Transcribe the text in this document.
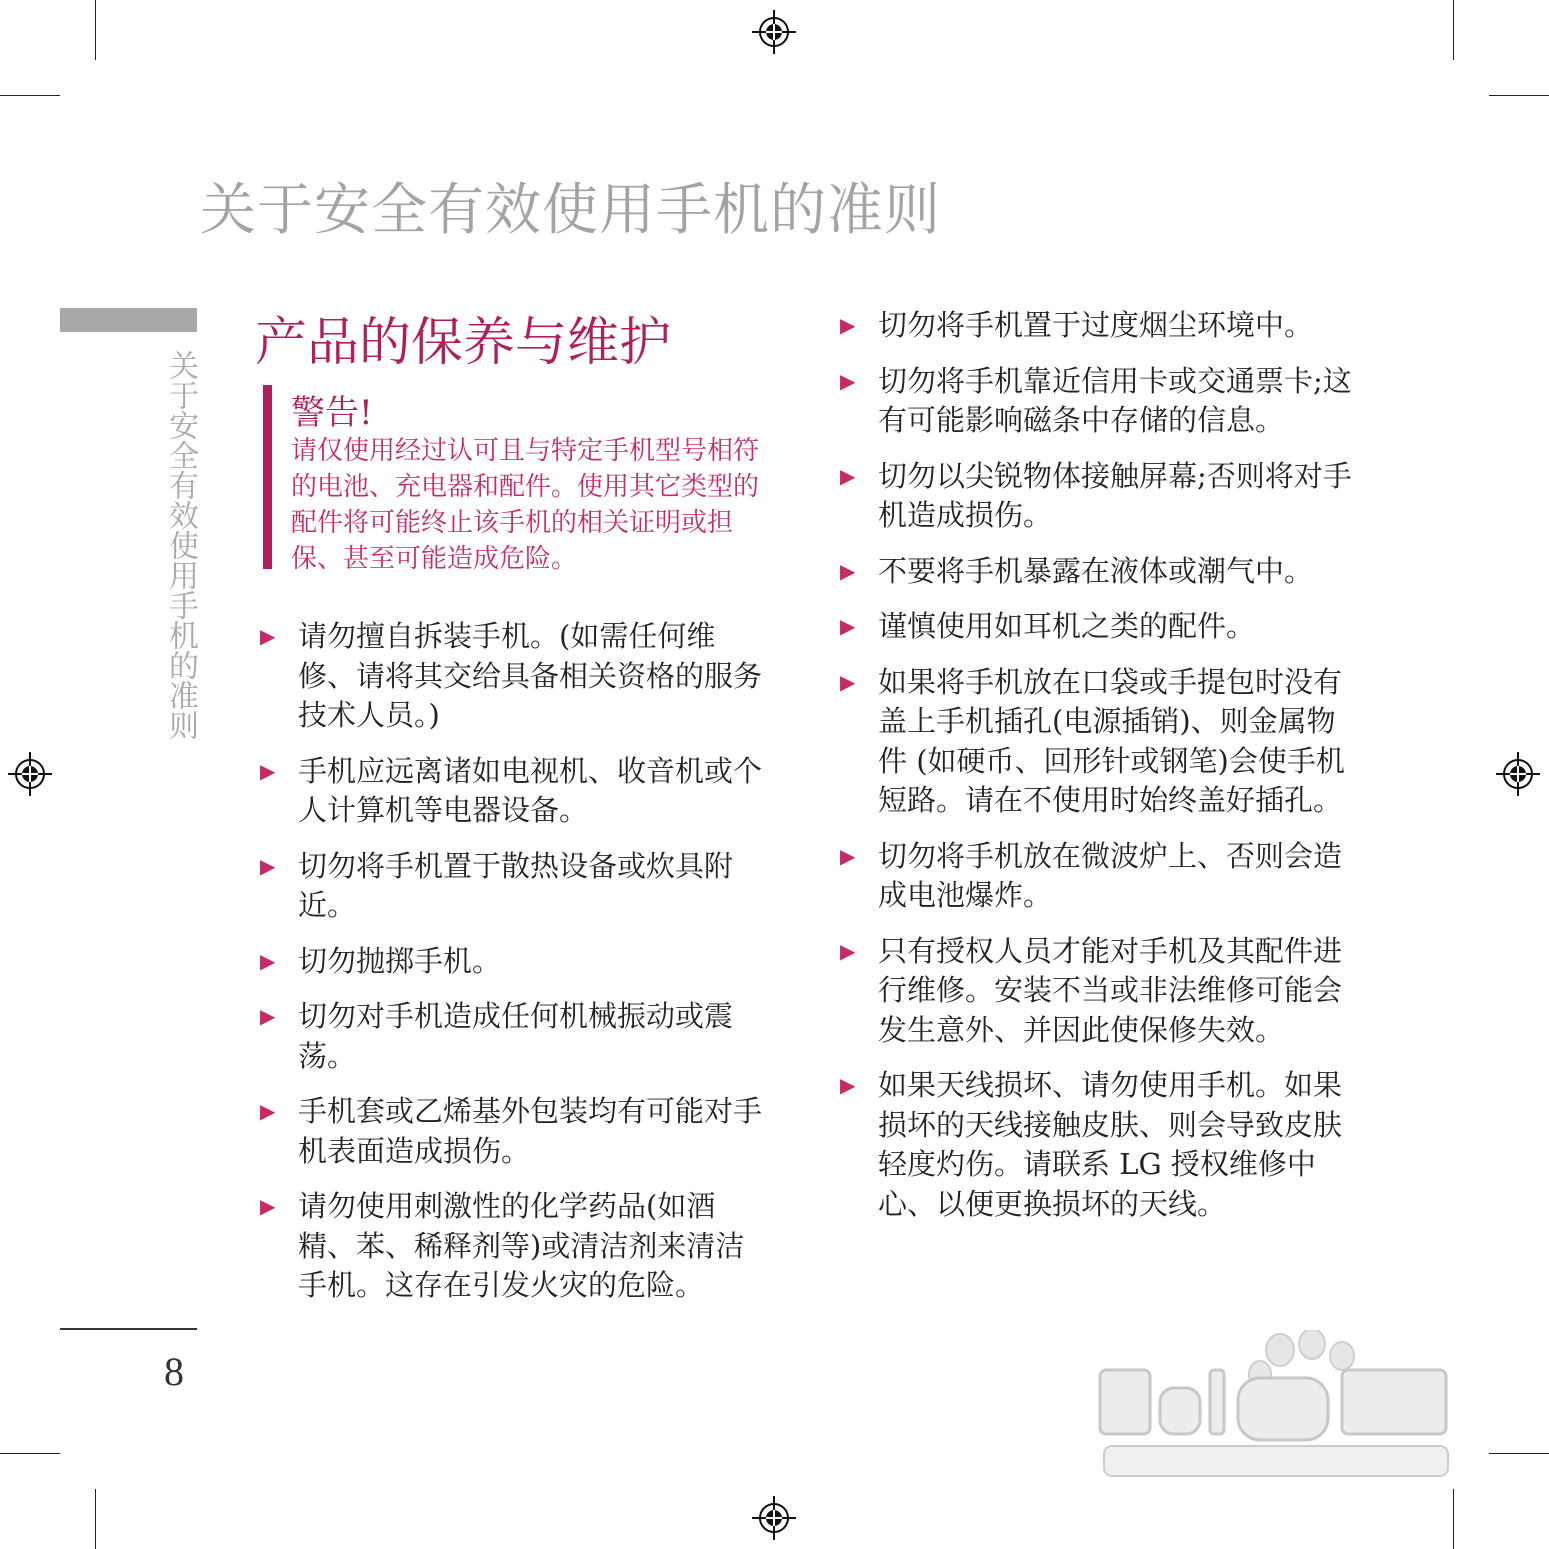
关于安全有效使用手机的准则
关于安全有效使用手机的准则
8
产品的保养与维护
警告!
请仅使用经过认可且与特定手机型号相符的电池、充电器和配件。使用其它类型的配件将可能终止该手机的相关证明或担保、甚至可能造成危险。
▶ 请勿擅自拆装手机。(如需任何维修、请将其交给具备相关资格的服务技术人员。)
▶ 手机应远离诸如电视机、收音机或个人计算机等电器设备。
▶ 切勿将手机置于散热设备或炊具附近。
▶ 切勿抛掷手机。
▶ 切勿对手机造成任何机械振动或震荡。
▶ 手机套或乙烯基外包装均有可能对手机表面造成损伤。
▶ 请勿使用刺激性的化学药品(如酒精、苯、稀释剂等)或清洁剂来清洁手机。这存在引发火灾的危险。
▶ 切勿将手机置于过度烟尘环境中。
▶ 切勿将手机靠近信用卡或交通票卡;这有可能影响磁条中存储的信息。
▶ 切勿以尖锐物体接触屏幕;否则将对手机造成损伤。
▶ 不要将手机暴露在液体或潮气中。
▶ 谨慎使用如耳机之类的配件。
▶ 如果将手机放在口袋或手提包时没有盖上手机插孔(电源插销)、则金属物件 (如硬币、回形针或钢笔)会使手机短路。请在不使用时始终盖好插孔。
▶ 切勿将手机放在微波炉上、否则会造成电池爆炸。
▶ 只有授权人员才能对手机及其配件进行维修。安装不当或非法维修可能会发生意外、并因此使保修失效。
▶ 如果天线损坏、请勿使用手机。如果损坏的天线接触皮肤、则会导致皮肤轻度灼伤。请联系 LG 授权维修中心、以便更换损坏的天线。
